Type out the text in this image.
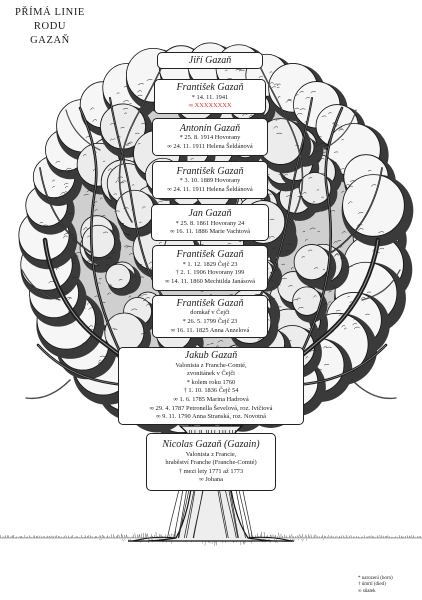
PŘÍMÁ LINIE
RODU
GAZAŇ
Jiří Gazaň
František Gazaň
* 14. 11. 1941
∞ XXXXXXXX
Antonín Gazaň
* 25. 8. 1914 Hovorany
∞ 24. 11. 1911 Helena Šeldánová
František Gazaň
* 3. 10. 1889 Hovorany
∞ 24. 11. 1911 Helena Šeldánová
Jan Gazaň
* 25. 8. 1861 Hovorany 24
∞ 16. 11. 1886 Marie Vachtová
František Gazaň
* 1. 12. 1829 Čejč 23
† 2. 1. 1906 Hovorany 199
∞ 14. 11. 1860 Mechtilda Janásová
František Gazaň
domkař v Čejči
* 26. 5. 1799 Čejč 23
∞ 16. 11. 1825 Anna Anzelová
Jakub Gazaň
Valonista z Franche-Comté,
zvonitánek v Čejči
* kolem roku 1760
† 1. 10. 1836 Čejč 54
∞ 1. 6. 1785 Marina Hadrová
∞ 29. 4. 1787 Petronella Ševelová, roz. Ivičiová
∞ 9. 11. 1790 Anna Stranská, roz. Novotná
Nicolas Gazaň (Gazain)
Valonista z Francie,
hraběství Franche (Franche-Comté)
† mezi lety 1771 až 1773
∞ Johana
* narození (born)
† úmrtí (died)
∞ sňatek
